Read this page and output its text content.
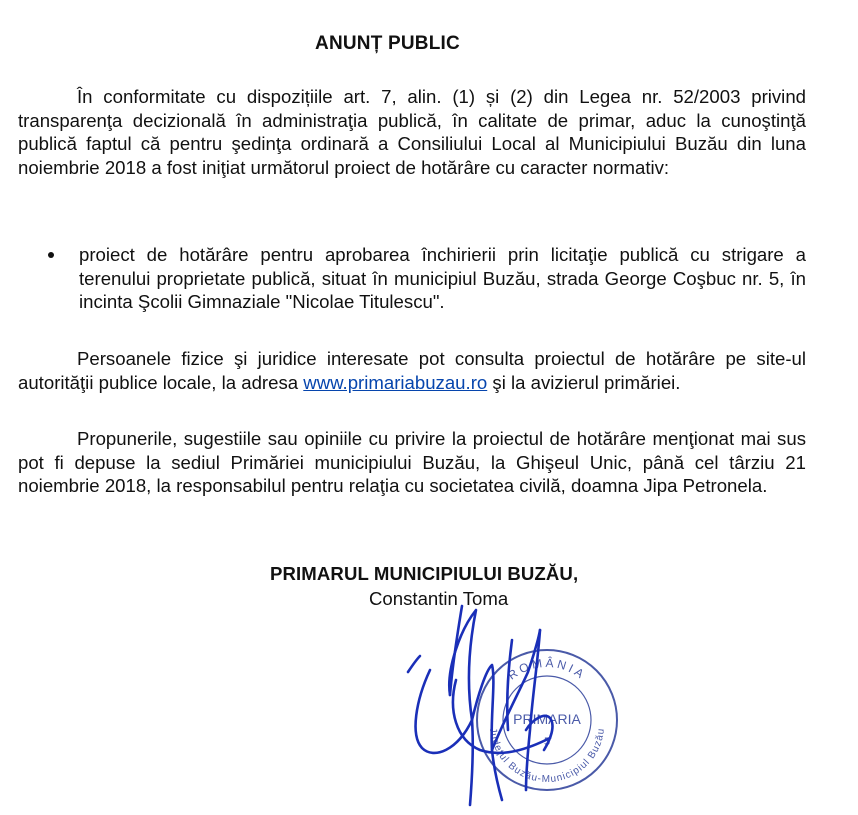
ANUNȚ PUBLIC
În conformitate cu dispozițiile art. 7, alin. (1) și (2) din Legea nr. 52/2003 privind transparenţa decizională în administraţia publică, în calitate de primar, aduc la cunoştinţă publică faptul că pentru şedinţa ordinară a Consiliului Local al Municipiului Buzău din luna noiembrie 2018 a fost iniţiat următorul proiect de hotărâre cu caracter normativ:
proiect de hotărâre pentru aprobarea închirierii prin licitaţie publică cu strigare a terenului proprietate publică, situat în municipiul Buzău, strada George Coşbuc nr. 5, în incinta Şcolii Gimnaziale "Nicolae Titulescu".
Persoanele fizice şi juridice interesate pot consulta proiectul de hotărâre pe site-ul autorităţii publice locale, la adresa www.primariabuzau.ro şi la avizierul primăriei.
Propunerile, sugestiile sau opiniile cu privire la proiectul de hotărâre menţionat mai sus pot fi depuse la sediul Primăriei municipiului Buzău, la Ghişeul Unic, până cel târziu 21 noiembrie 2018, la responsabilul pentru relaţia cu societatea civilă, doamna Jipa Petronela.
PRIMARUL MUNICIPIULUI BUZĂU,
Constantin Toma
ROMÂNIA
Judeţul Buzău-Municipiul Buzău
PRIMARIA
5
